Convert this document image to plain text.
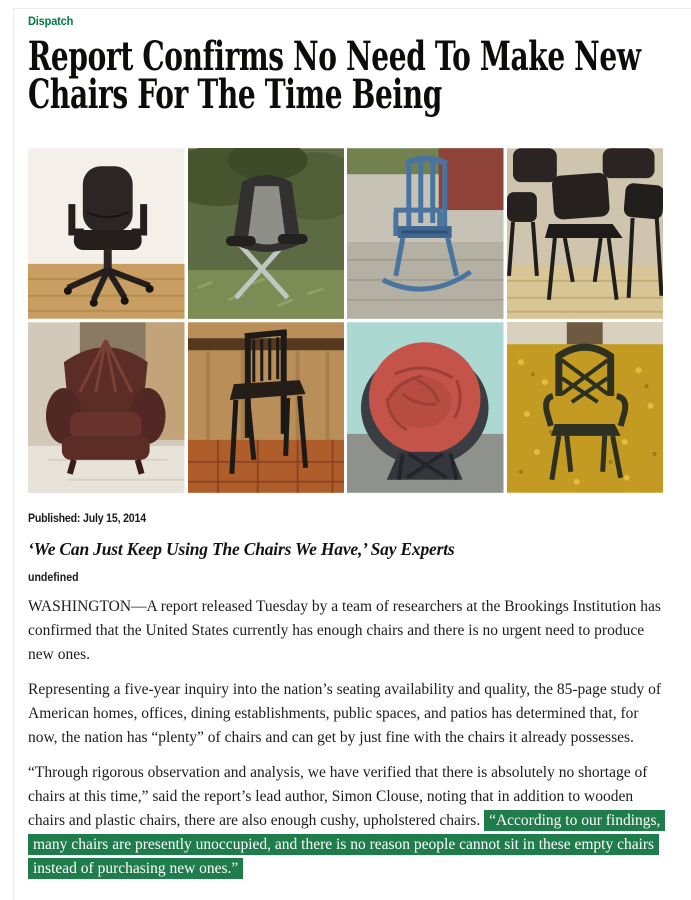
Dispatch
Report Confirms No Need To Make New
Chairs For The Time Being
Published: July 15, 2014
‘We Can Just Keep Using The Chairs We Have,’ Say Experts
undefined

WASHINGTON—A report released Tuesday by a team of researchers at the Brookings Institution has confirmed that the United States currently has enough chairs and there is no urgent need to produce new ones.

Representing a five-year inquiry into the nation’s seating availability and quality, the 85-page study of American homes, offices, dining establishments, public spaces, and patios has determined that, for now, the nation has “plenty” of chairs and can get by just fine with the chairs it already possesses.

“Through rigorous observation and analysis, we have verified that there is absolutely no shortage of chairs at this time,” said the report’s lead author, Simon Clouse, noting that in addition to wooden chairs and plastic chairs, there are also enough cushy, upholstered chairs. “According to our findings, many chairs are presently unoccupied, and there is no reason people cannot sit in these empty chairs instead of purchasing new ones.”
